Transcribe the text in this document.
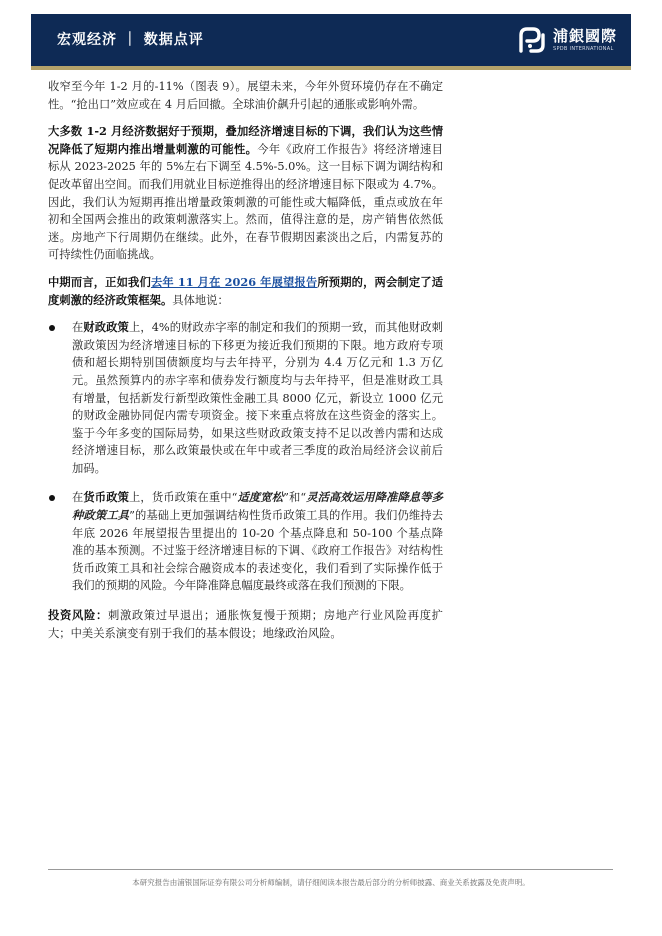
宏观经济 ｜ 数据点评	浦銀國際
SPDB INTERNATIONAL

收窄至今年 1-2 月的-11%（图表 9）。展望未来，今年外贸环境仍存在不确定性。“抢出口”效应或在 4 月后回撤。全球油价飙升引起的通胀或影响外需。

大多数 1-2 月经济数据好于预期，叠加经济增速目标的下调，我们认为这些情况降低了短期内推出增量刺激的可能性。今年《政府工作报告》将经济增速目标从 2023-2025 年的 5%左右下调至 4.5%-5.0%。这一目标下调为调结构和促改革留出空间。而我们用就业目标逆推得出的经济增速目标下限或为 4.7%。因此，我们认为短期再推出增量政策刺激的可能性或大幅降低，重点或放在年初和全国两会推出的政策刺激落实上。然而，值得注意的是，房产销售依然低迷。房地产下行周期仍在继续。此外，在春节假期因素淡出之后，内需复苏的可持续性仍面临挑战。

中期而言，正如我们去年 11 月在 2026 年展望报告所预期的，两会制定了适度刺激的经济政策框架。具体地说：

在财政政策上，4%的财政赤字率的制定和我们的预期一致，而其他财政刺激政策因为经济增速目标的下移更为接近我们预期的下限。地方政府专项债和超长期特别国债额度均与去年持平，分别为 4.4 万亿元和 1.3 万亿元。虽然预算内的赤字率和债券发行额度均与去年持平，但是准财政工具有增量，包括新发行新型政策性金融工具 8000 亿元，新设立 1000 亿元的财政金融协同促内需专项资金。接下来重点将放在这些资金的落实上。鉴于今年多变的国际局势，如果这些财政政策支持不足以改善内需和达成经济增速目标，那么政策最快或在年中或者三季度的政治局经济会议前后加码。
在货币政策上，货币政策在重中“适度宽松”和“灵活高效运用降准降息等多种政策工具”的基础上更加强调结构性货币政策工具的作用。我们仍维持去年底 2026 年展望报告里提出的 10-20 个基点降息和 50-100 个基点降准的基本预测。不过鉴于经济增速目标的下调、《政府工作报告》对结构性货币政策工具和社会综合融资成本的表述变化，我们看到了实际操作低于我们的预期的风险。今年降准降息幅度最终或落在我们预测的下限。

投资风险：刺激政策过早退出；通胀恢复慢于预期；房地产行业风险再度扩大；中美关系演变有别于我们的基本假设；地缘政治风险。

本研究报告由浦银国际证券有限公司分析师编制，请仔细阅读本报告最后部分的分析师披露、商业关系披露及免责声明。
